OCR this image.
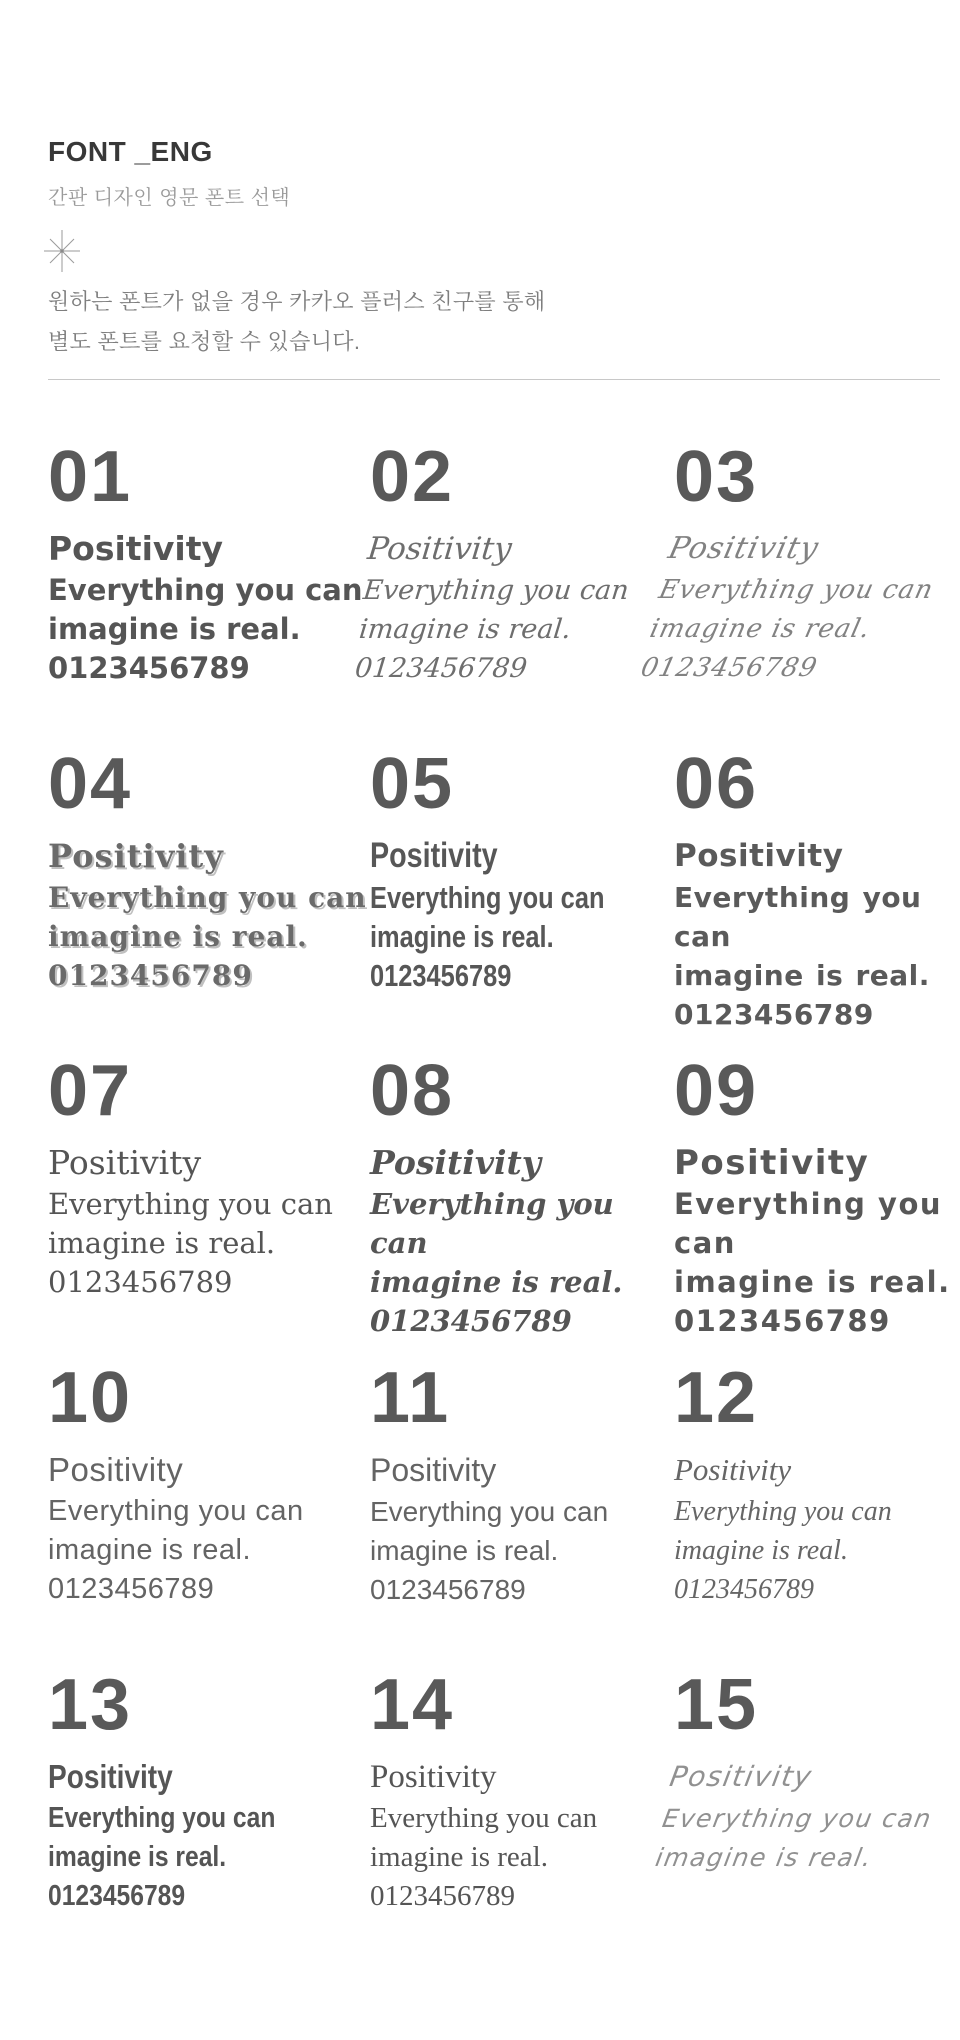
FONT _ENG
간판 디자인 영문 폰트 선택
원하는 폰트가 없을 경우 카카오 플러스 친구를 통해
별도 폰트를 요청할 수 있습니다.
01
Positivity
Everything you can
imagine is real.
0123456789
02
Positivity
Everything you can
imagine is real.
0123456789
03
Positivity
Everything you can
imagine is real.
0123456789
04
Positivity
Everything you can
imagine is real.
0123456789
05
Positivity
Everything you can
imagine is real.
0123456789
06
Positivity
Everything you can
imagine is real.
0123456789
07
Positivity
Everything you can
imagine is real.
0123456789
08
Positivity
Everything you can
imagine is real.
0123456789
09
Positivity
Everything you can
imagine is real.
0123456789
10
Positivity
Everything you can
imagine is real.
0123456789
11
Positivity
Everything you can
imagine is real.
0123456789
12
Positivity
Everything you can
imagine is real.
0123456789
13
Positivity
Everything you can
imagine is real.
0123456789
14
Positivity
Everything you can
imagine is real.
0123456789
15
Positivity
Everything you can
imagine is real.
